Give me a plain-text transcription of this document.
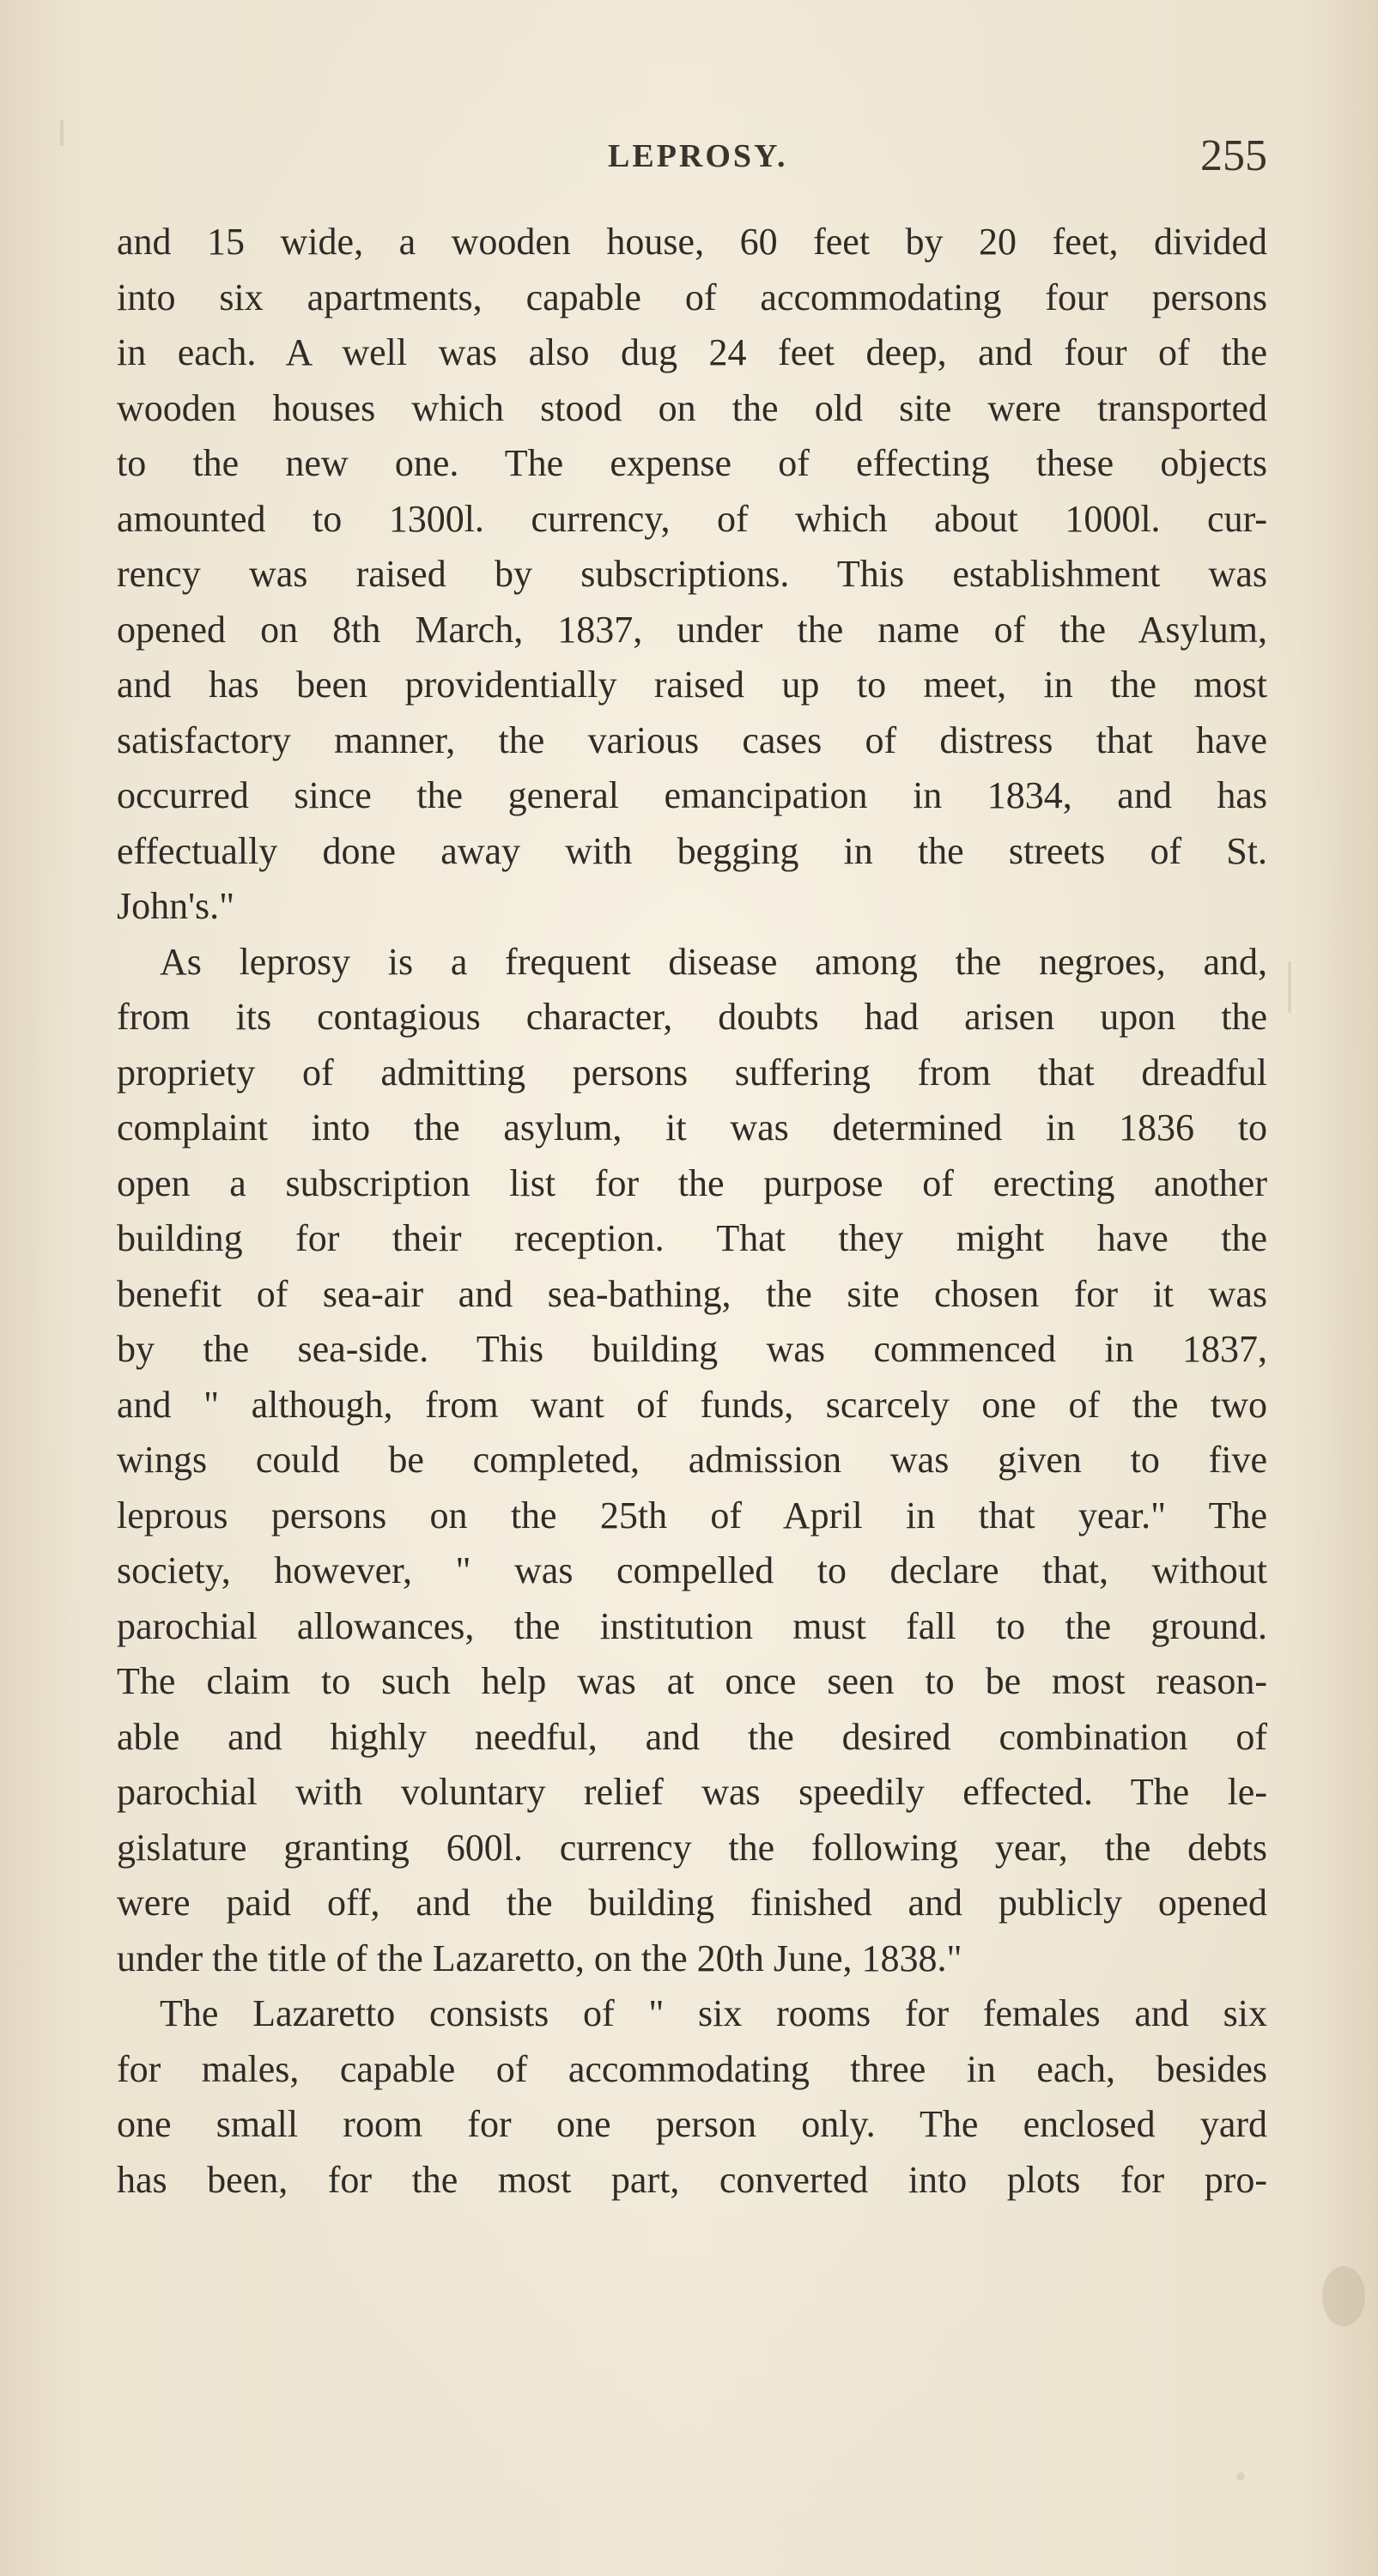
LEPROSY.	255
and 15 wide, a wooden house, 60 feet by 20 feet, divided
into six apartments, capable of accommodating four persons
in each. A well was also dug 24 feet deep, and four of the
wooden houses which stood on the old site were transported
to the new one. The expense of effecting these objects
amounted to 1300l. currency, of which about 1000l. cur-
rency was raised by subscriptions. This establishment was
opened on 8th March, 1837, under the name of the Asylum,
and has been providentially raised up to meet, in the most
satisfactory manner, the various cases of distress that have
occurred since the general emancipation in 1834, and has
effectually done away with begging in the streets of St.
John's."
As leprosy is a frequent disease among the negroes, and,
from its contagious character, doubts had arisen upon the
propriety of admitting persons suffering from that dreadful
complaint into the asylum, it was determined in 1836 to
open a subscription list for the purpose of erecting another
building for their reception. That they might have the
benefit of sea-air and sea-bathing, the site chosen for it was
by the sea-side. This building was commenced in 1837,
and " although, from want of funds, scarcely one of the two
wings could be completed, admission was given to five
leprous persons on the 25th of April in that year." The
society, however, " was compelled to declare that, without
parochial allowances, the institution must fall to the ground.
The claim to such help was at once seen to be most reason-
able and highly needful, and the desired combination of
parochial with voluntary relief was speedily effected. The le-
gislature granting 600l. currency the following year, the debts
were paid off, and the building finished and publicly opened
under the title of the Lazaretto, on the 20th June, 1838."
The Lazaretto consists of " six rooms for females and six
for males, capable of accommodating three in each, besides
one small room for one person only. The enclosed yard
has been, for the most part, converted into plots for pro-
